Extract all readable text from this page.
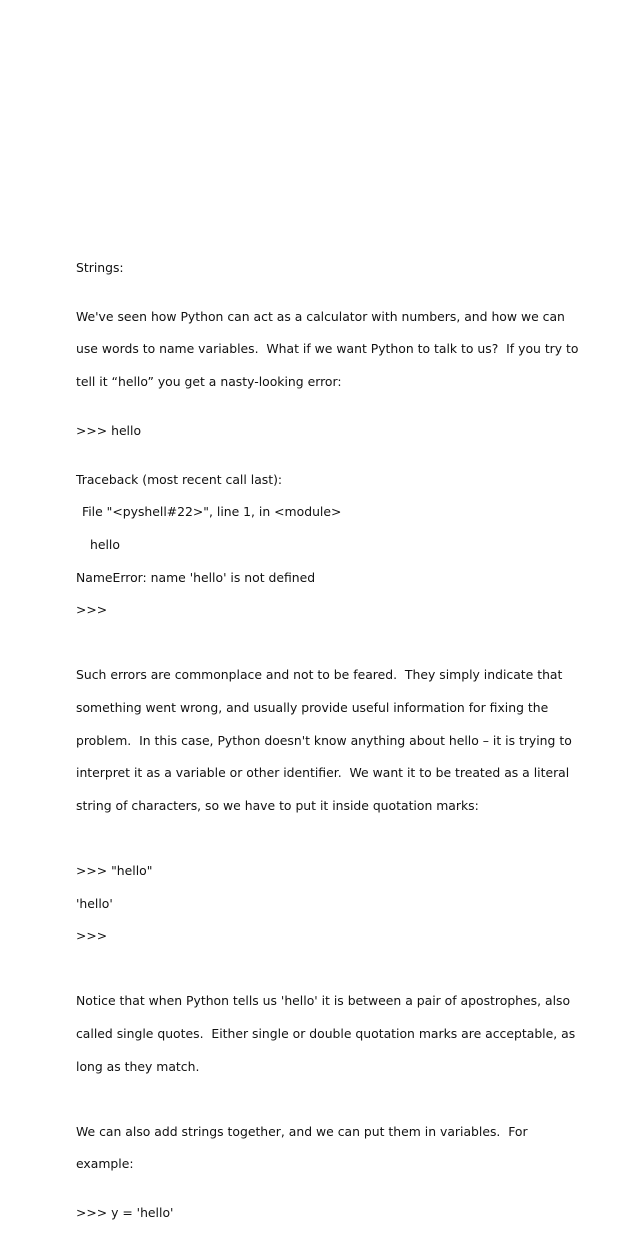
Strings:

We've seen how Python can act as a calculator with numbers, and how we can

use words to name variables.  What if we want Python to talk to us?  If you try to

tell it “hello” you get a nasty-looking error:

>>> hello

Traceback (most recent call last):

File "<pyshell#22>", line 1, in <module>

hello

NameError: name 'hello' is not defined

>>>

Such errors are commonplace and not to be feared.  They simply indicate that

something went wrong, and usually provide useful information for fixing the

problem.  In this case, Python doesn't know anything about hello – it is trying to

interpret it as a variable or other identifier.  We want it to be treated as a literal

string of characters, so we have to put it inside quotation marks:

>>> "hello"

'hello'

>>>

Notice that when Python tells us 'hello' it is between a pair of apostrophes, also

called single quotes.  Either single or double quotation marks are acceptable, as

long as they match.

We can also add strings together, and we can put them in variables.  For

example:

>>> y = 'hello'
